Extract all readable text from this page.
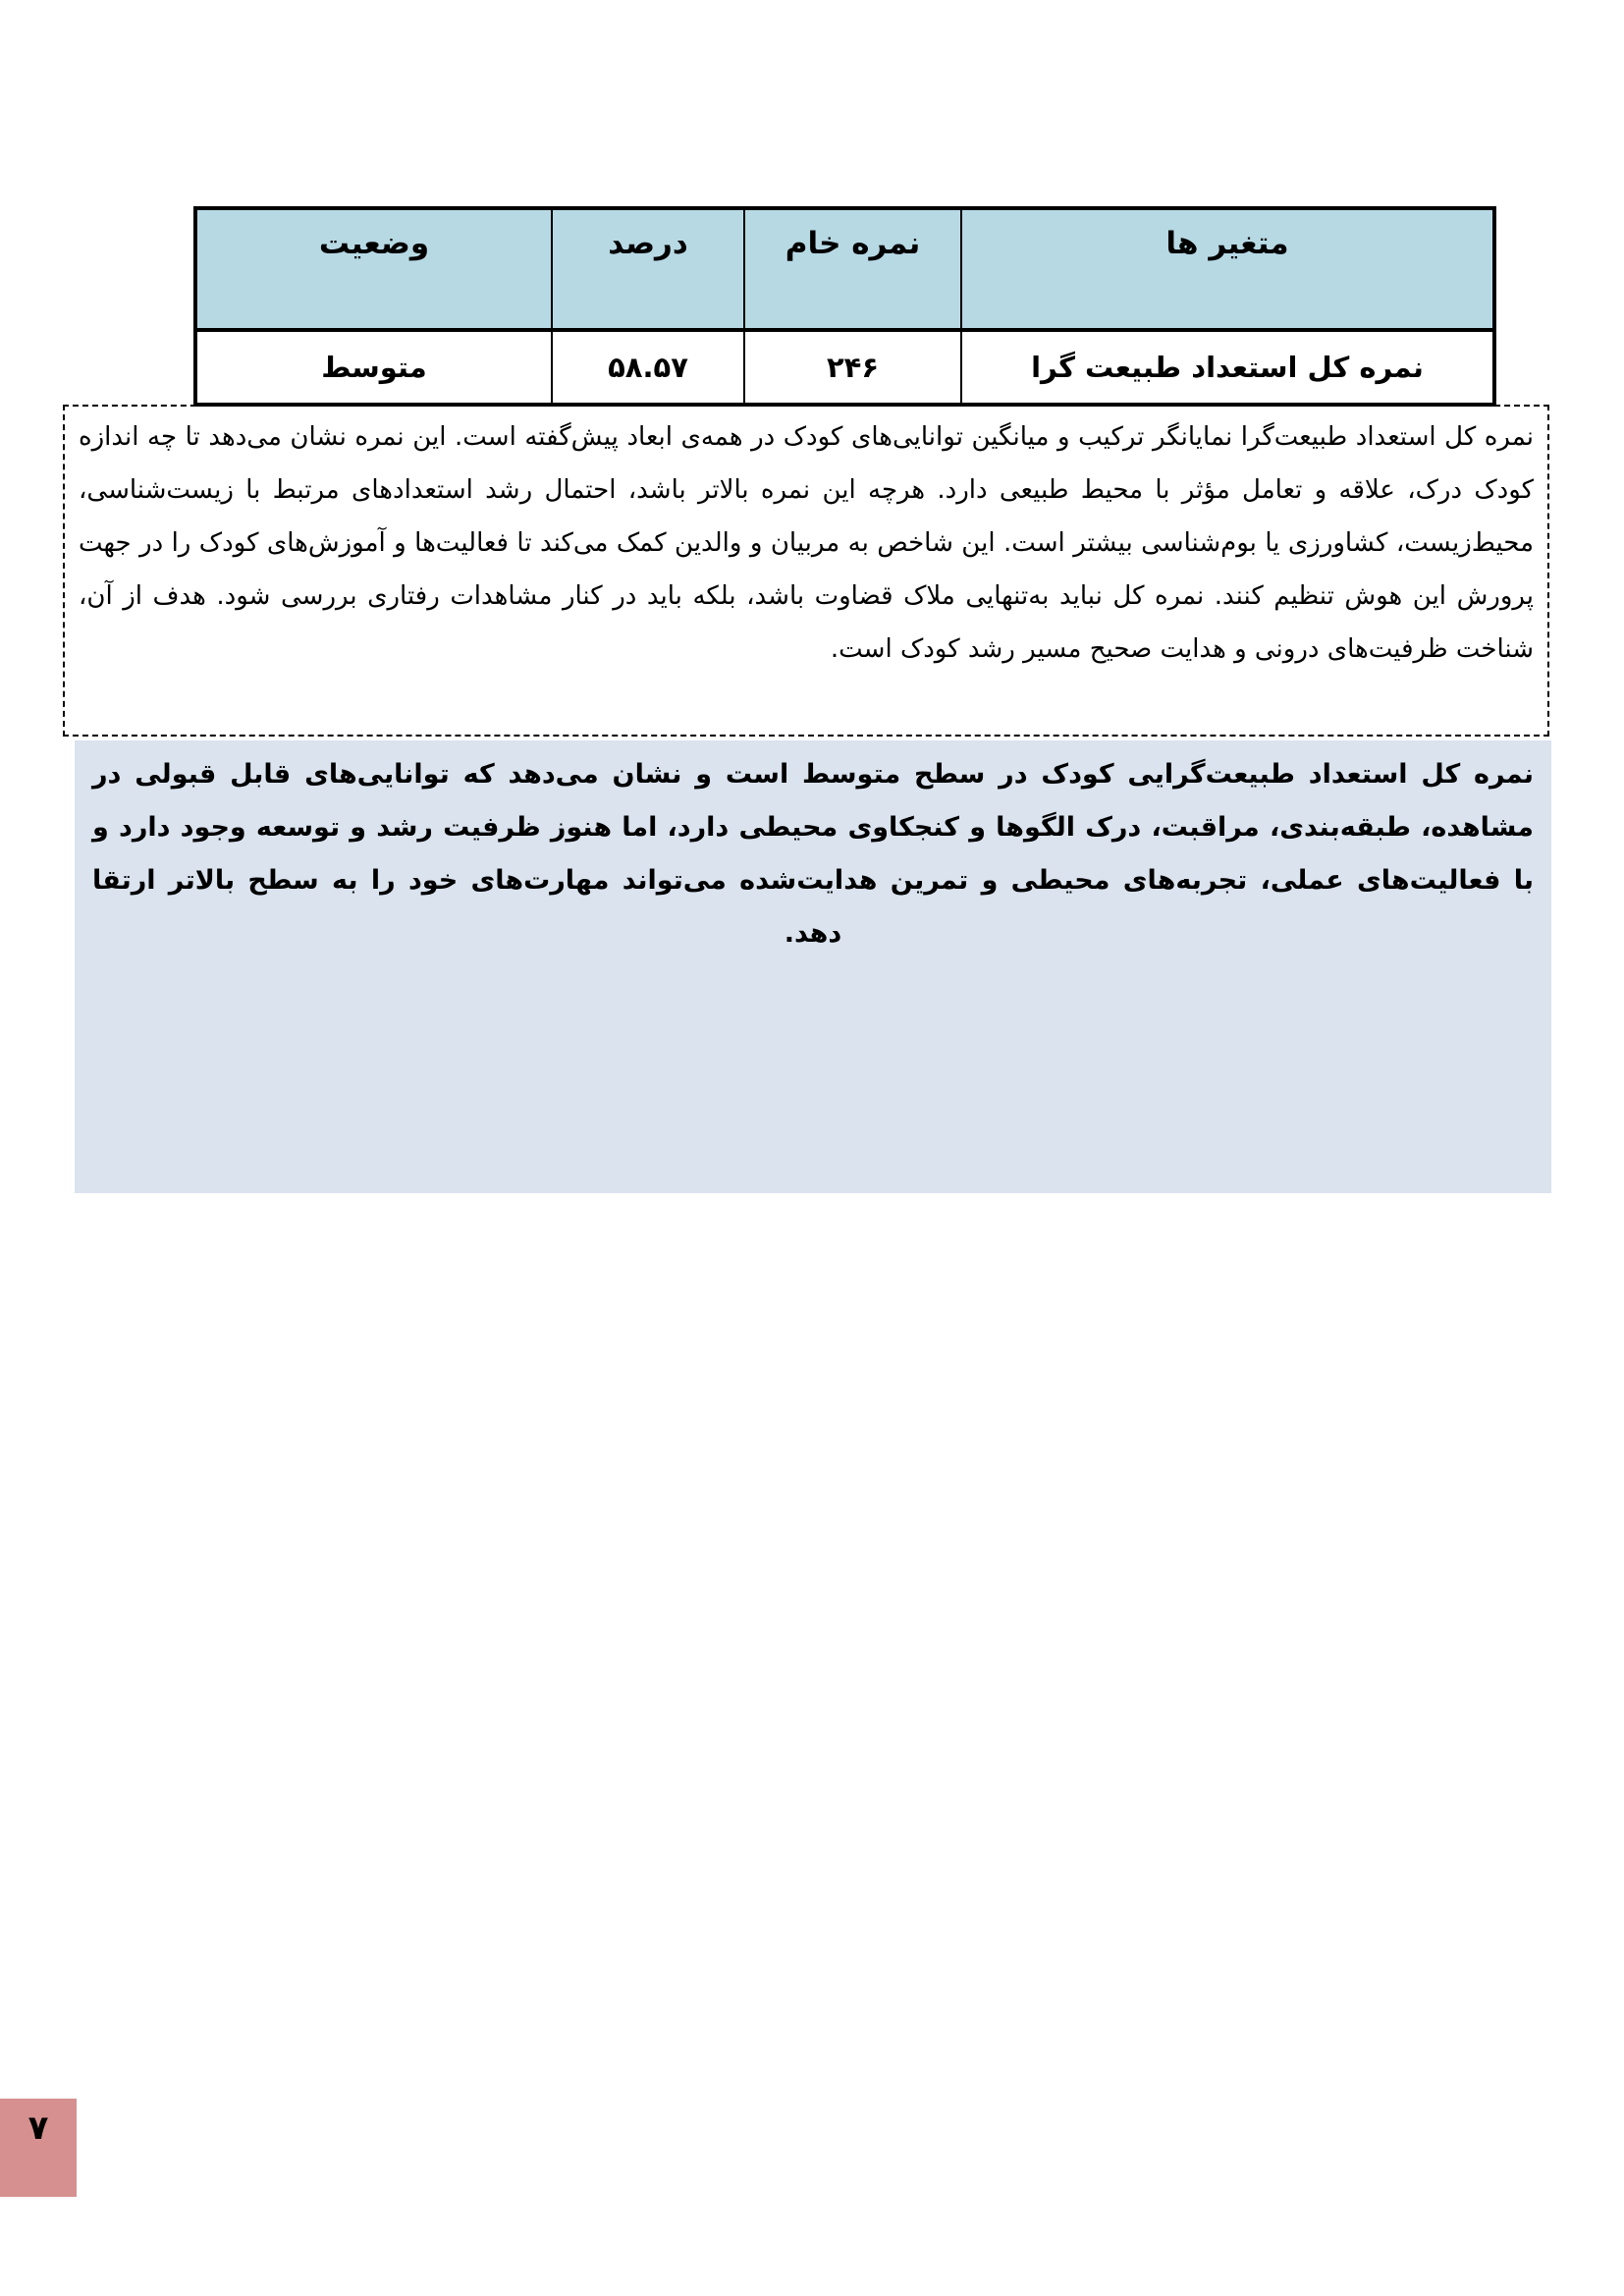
متغیر ها	نمره خام	درصد	وضعیت
نمره کل استعداد طبیعت گرا	۲۴۶	۵۸.۵۷	متوسط
نمره کل استعداد طبیعت‌گرا نمایانگر ترکیب و میانگین توانایی‌های کودک در همه‌ی ابعاد پیش‌گفته است. این نمره نشان می‌دهد تا چه اندازه کودک درک، علاقه و تعامل مؤثر با محیط طبیعی دارد. هرچه این نمره بالاتر باشد، احتمال رشد استعدادهای مرتبط با زیست‌شناسی، محیط‌زیست، کشاورزی یا بوم‌شناسی بیشتر است. این شاخص به مربیان و والدین کمک می‌کند تا فعالیت‌ها و آموزش‌های کودک را در جهت پرورش این هوش تنظیم کنند. نمره کل نباید به‌تنهایی ملاک قضاوت باشد، بلکه باید در کنار مشاهدات رفتاری بررسی شود. هدف از آن، شناخت ظرفیت‌های درونی و هدایت صحیح مسیر رشد کودک است.
نمره کل استعداد طبیعت‌گرایی کودک در سطح متوسط است و نشان می‌دهد که توانایی‌های قابل قبولی در مشاهده، طبقه‌بندی، مراقبت، درک الگوها و کنجکاوی محیطی دارد، اما هنوز ظرفیت رشد و توسعه وجود دارد و با فعالیت‌های عملی، تجربه‌های محیطی و تمرین هدایت‌شده می‌تواند مهارت‌های خود را به سطح بالاتر ارتقا دهد.
۷
